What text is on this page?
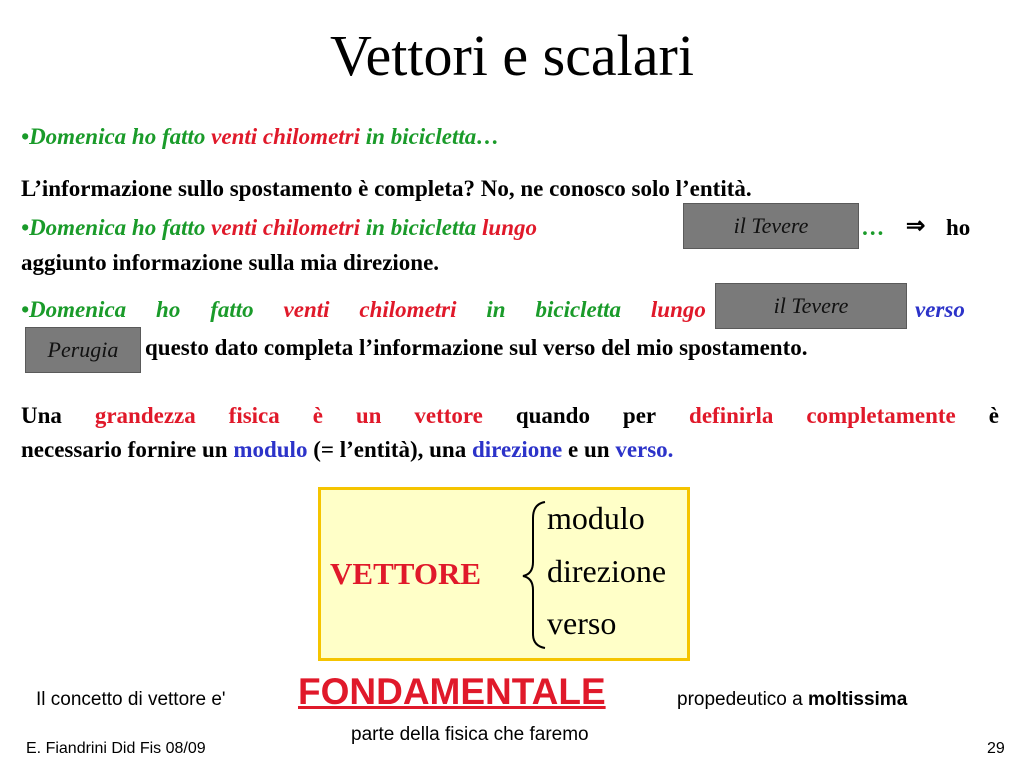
Vettori e scalari
•Domenica ho fatto venti chilometri in bicicletta…
L’informazione sullo spostamento è completa? No, ne conosco solo l’entità.
•Domenica ho fatto venti chilometri in bicicletta lungo	il Tevere	… ⇒ ho
aggiunto informazione sulla mia direzione.
•Domenica ho fatto venti chilometri in bicicletta lungo	il Tevere	verso
Perugia	questo dato completa l’informazione sul verso del mio spostamento.
Una grandezza fisica è un vettore quando per definirla completamente è
necessario fornire un modulo (= l’entità), una direzione e un verso.
VETTORE
modulo
direzione
verso
Il concetto di vettore e' FONDAMENTALE	propedeutico a moltissima
parte della fisica che faremo
E. Fiandrini Did Fis 08/09	29
